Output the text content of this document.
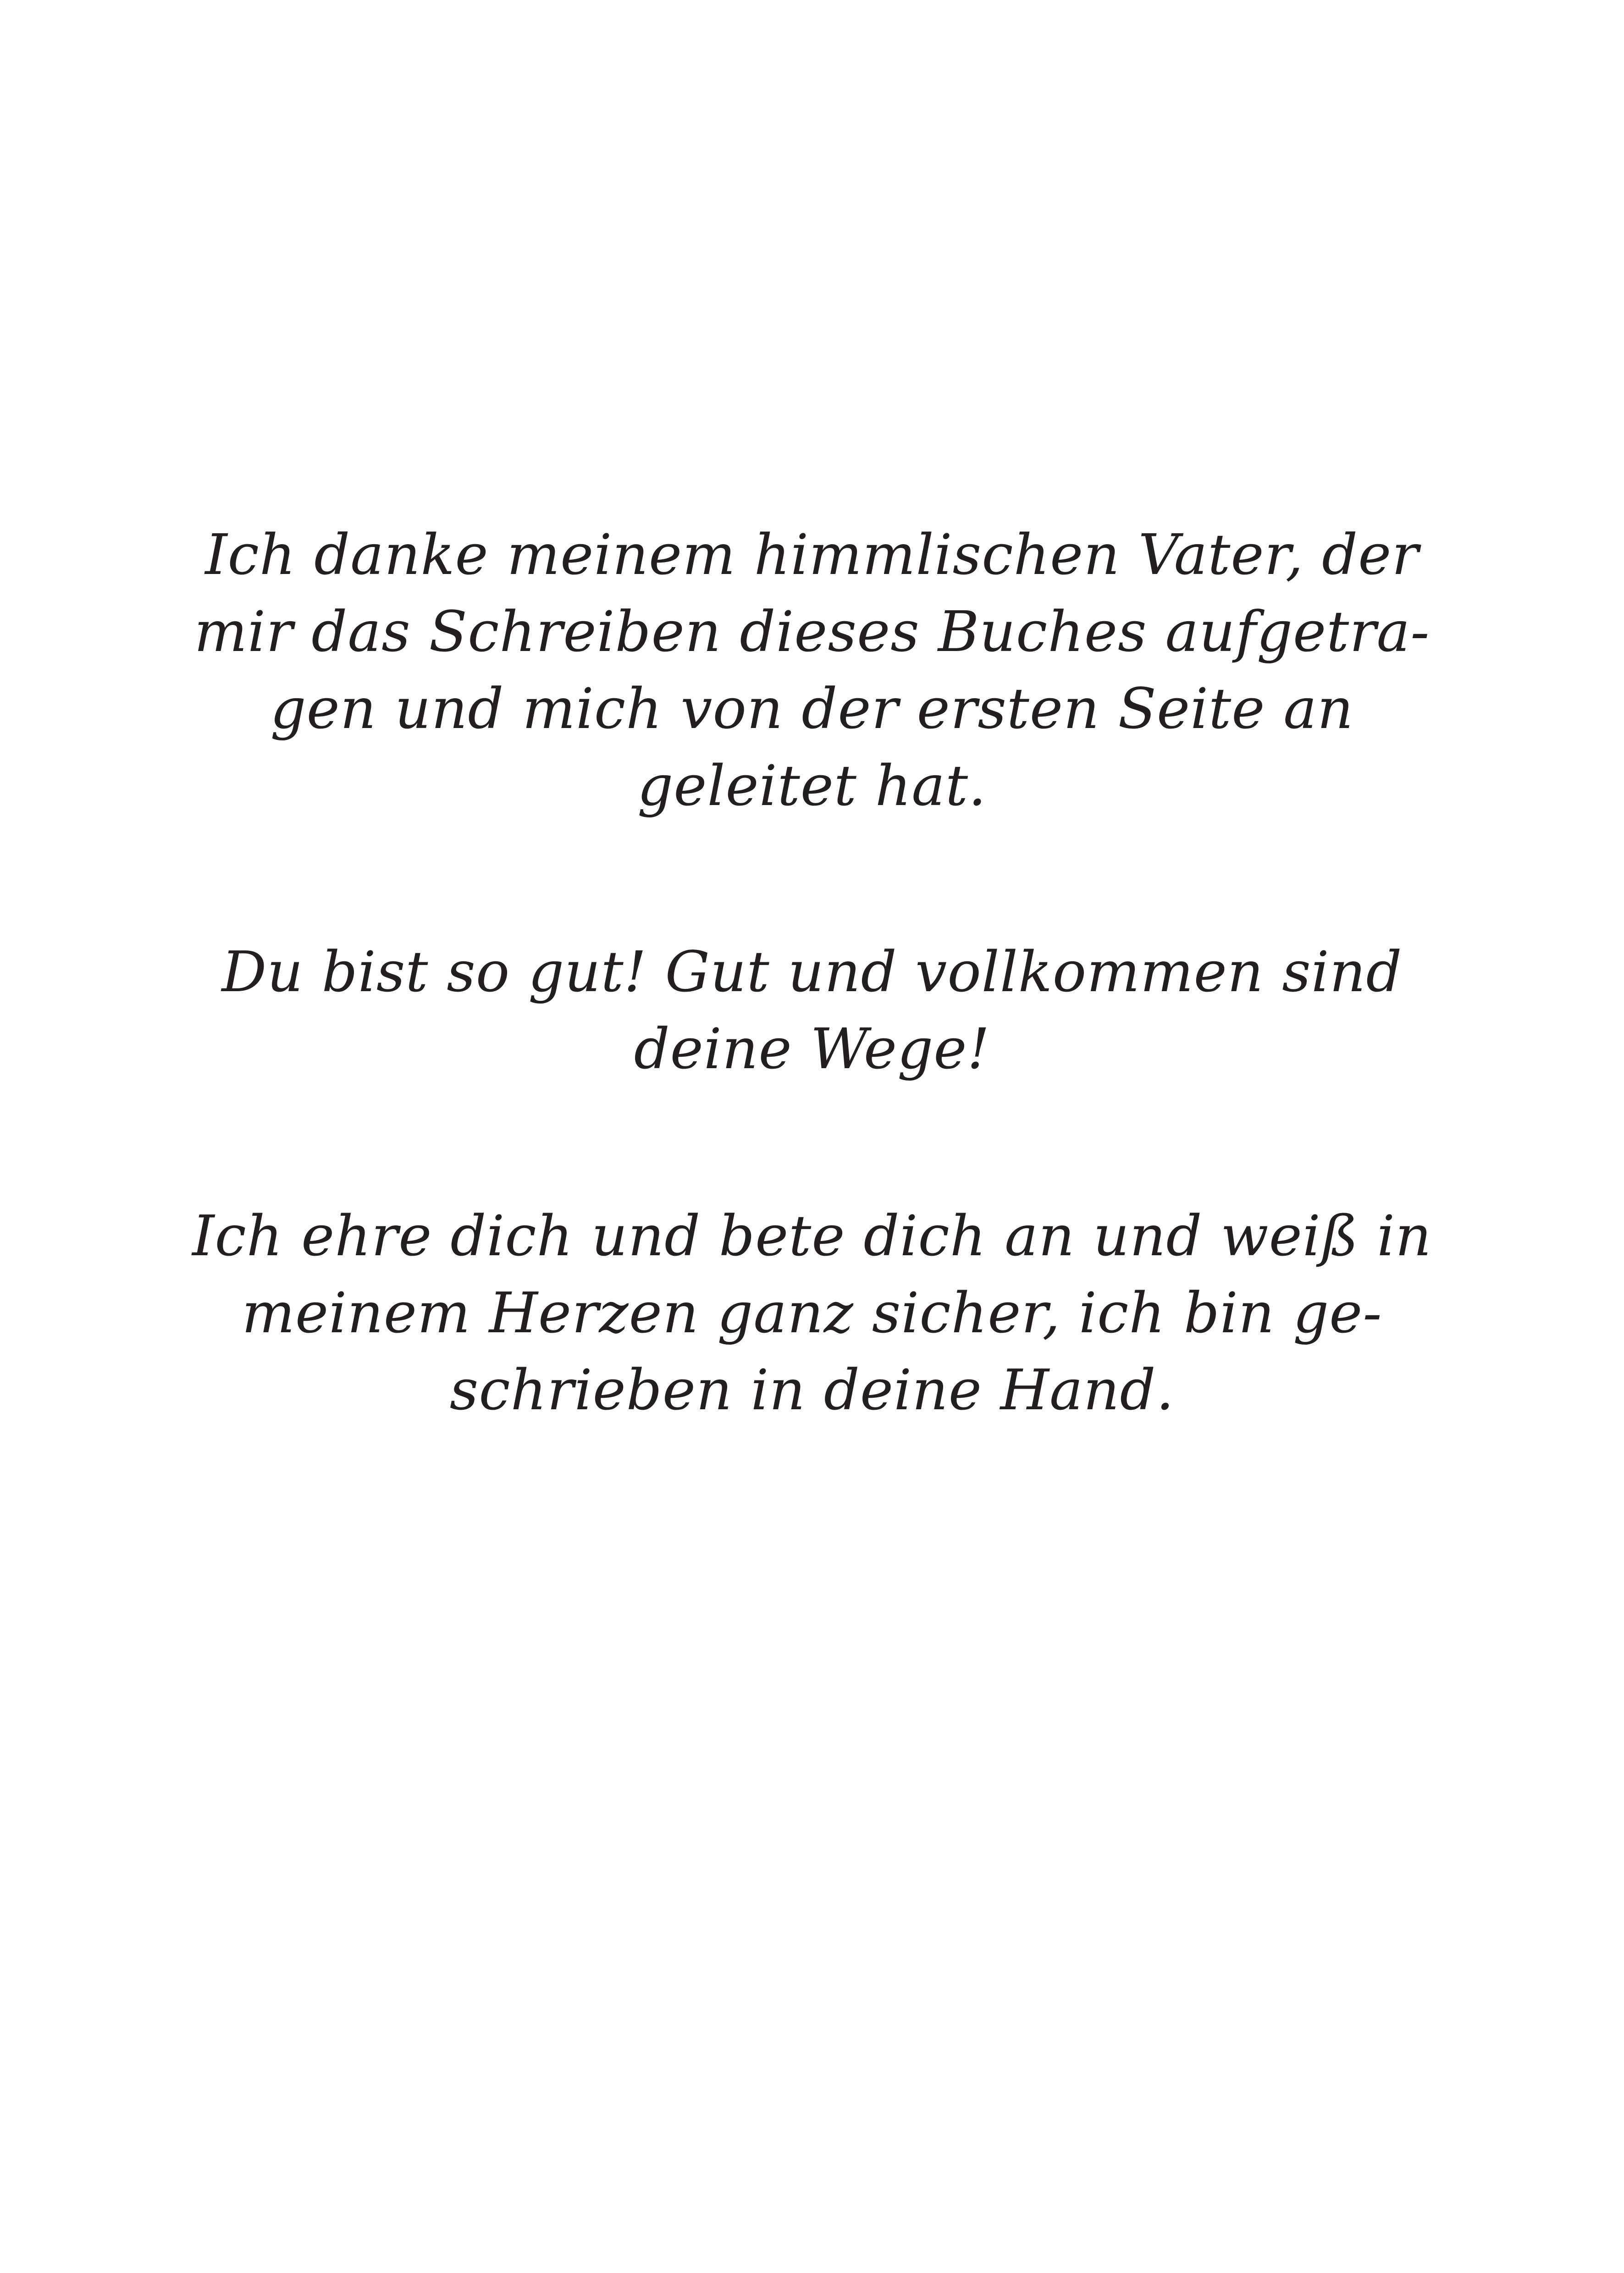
Ich danke meinem himmlischen Vater, der
mir das Schreiben dieses Buches aufgetra-
gen und mich von der ersten Seite an
geleitet hat.
Du bist so gut! Gut und vollkommen sind
deine Wege!
Ich ehre dich und bete dich an und weiß in
meinem Herzen ganz sicher, ich bin ge-
schrieben in deine Hand.
